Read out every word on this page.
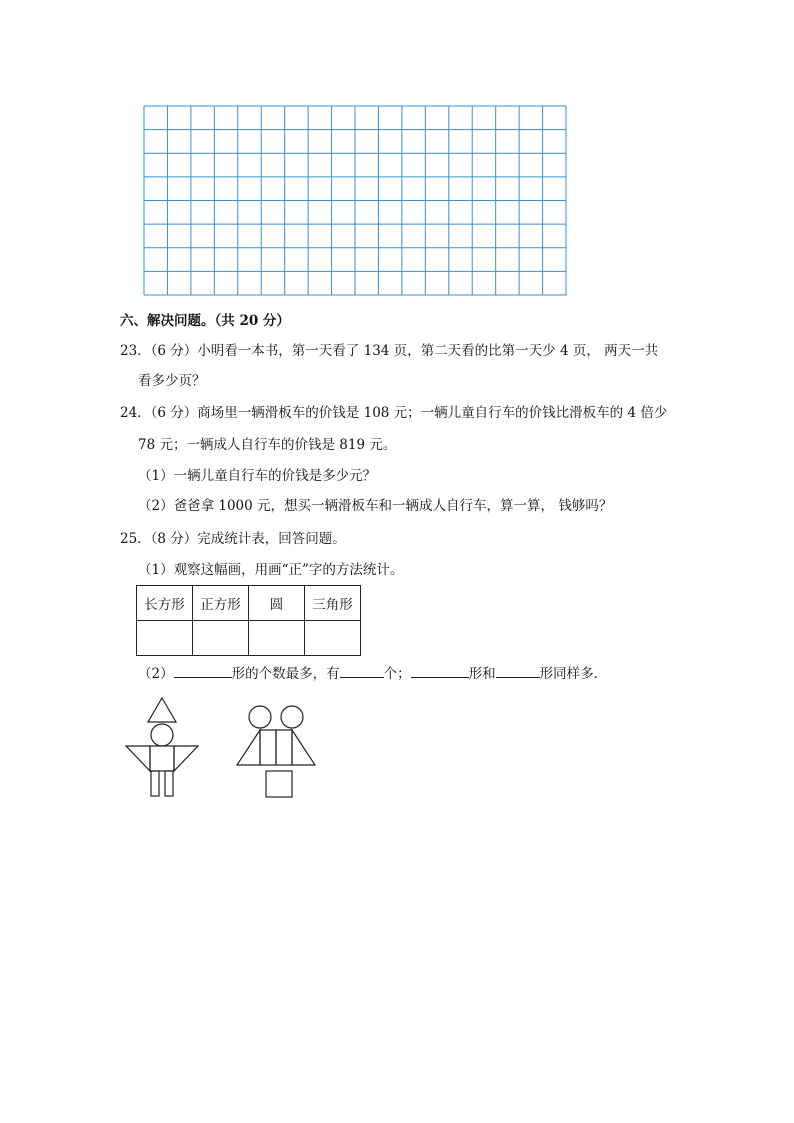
六、解决问题。（共 20 分）
23．（6 分）小明看一本书，第一天看了 134 页，第二天看的比第一天少 4 页， 两天一共
看多少页？
24．（6 分）商场里一辆滑板车的价钱是 108 元；一辆儿童自行车的价钱比滑板车的 4 倍少
78 元；一辆成人自行车的价钱是 819 元。
（1）一辆儿童自行车的价钱是多少元？
（2）爸爸拿 1000 元，想买一辆滑板车和一辆成人自行车，算一算， 钱够吗？
25．（8 分）完成统计表，回答问题。
（1）观察这幅画，用画“正”字的方法统计。
长方形	正方形	圆	三角形

（2）	形的个数最多，有	个；	形和	形同样多．
